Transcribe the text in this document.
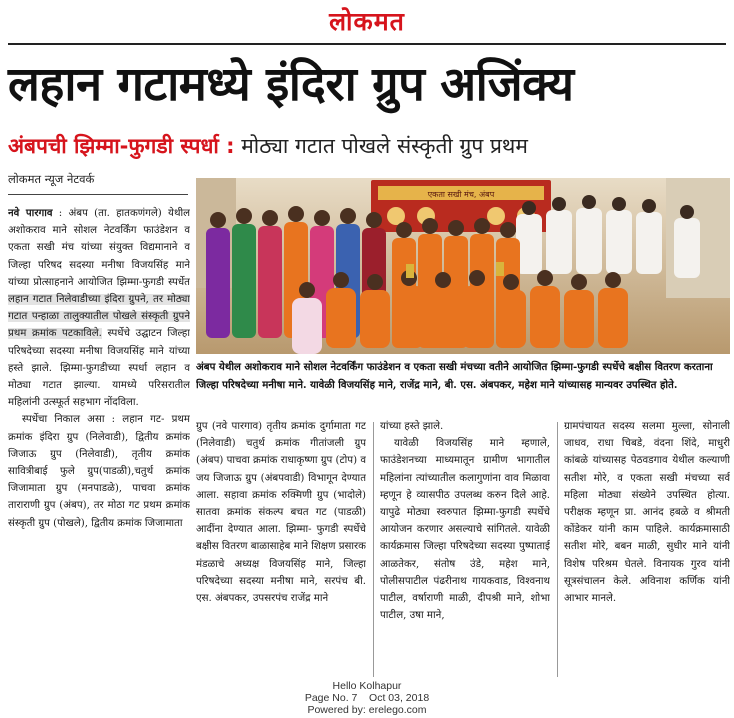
लोकमत
लहान गटामध्ये इंदिरा ग्रुप अजिंक्य
अंबपची झिम्मा-फुगडी स्पर्धा : मोठ्या गटात पोखले संस्कृती ग्रुप प्रथम
लोकमत न्यूज नेटवर्क

नवे पारगाव : अंबप (ता. हातकणंगले) येथील अशोकराव माने सोशल नेटवर्किंग फाउंडेशन व एकता सखी मंच यांच्या संयुक्त विद्यमानाने व जिल्हा परिषद सदस्या मनीषा विजयसिंह माने यांच्या प्रोत्साहनाने आयोजित झिम्मा-फुगडी स्पर्धेत लहान गटात निलेवाडीच्या इंदिरा ग्रुपने, तर मोठ्या गटात पन्हाळा तालुक्यातील पोखले संस्कृती ग्रुपने प्रथम क्रमांक पटकाविले. स्पर्धेचे उद्घाटन जिल्हा परिषदेच्या सदस्या मनीषा विजयसिंह माने यांच्या हस्ते झाले. झिम्मा-फुगडीच्या स्पर्धा लहान व मोठ्या गटात झाल्या. यामध्ये परिसरातील महिलांनी उत्स्फूर्त सहभाग नोंदविला.

स्पर्धेचा निकाल असा : लहान गट- प्रथम क्रमांक इंदिरा ग्रुप (निलेवाडी), द्वितीय क्रमांक जिजाऊ ग्रुप (निलेवाडी), तृतीय क्रमांक सावित्रीबाई फुले ग्रुप(पाडळी),चतुर्थ क्रमांक जिजामाता ग्रुप (मनपाडळे), पाचवा क्रमांक ताराराणी ग्रुप (अंबप), तर मोठा गट प्रथम क्रमांक संस्कृती ग्रुप (पोखले), द्वितीय क्रमांक जिजामाता

एकता सखी मंच, अंबप
अंबप येथील अशोकराव माने सोशल नेटवर्किंग फाउंडेशन व एकता सखी मंचच्या वतीने आयोजित झिम्मा-फुगडी स्पर्धेचे बक्षीस वितरण करताना जिल्हा परिषदेच्या मनीषा माने. यावेळी विजयसिंह माने, राजेंद्र माने, बी. एस. अंबपकर, महेश माने यांच्यासह मान्यवर उपस्थित होते.

ग्रुप (नवे पारगाव) तृतीय क्रमांक दुर्गामाता गट (निलेवाडी) चतुर्थ क्रमांक गीतांजली ग्रुप (अंबप) पाचवा क्रमांक राधाकृष्णा ग्रुप (टोप) व जय जिजाऊ ग्रुप (अंबपवाडी) विभागून देण्यात आला. सहावा क्रमांक रुक्मिणी ग्रुप (भादोले) सातवा क्रमांक संकल्प बचत गट (पाडळी) आदींना देण्यात आला. झिम्मा- फुगडी स्पर्धेचे बक्षीस वितरण बाळासाहेब माने शिक्षण प्रसारक मंडळाचे अध्यक्ष विजयसिंह माने, जिल्हा परिषदेच्या सदस्या मनीषा माने, सरपंच बी. एस. अंबपकर, उपसरपंच राजेंद्र माने

यांच्या हस्ते झाले.

यावेळी विजयसिंह माने म्हणाले, फाउंडेशनच्या माध्यमातून ग्रामीण भागातील महिलांना त्यांच्यातील कलागुणांना वाव मिळावा म्हणून हे व्यासपीठ उपलब्ध करुन दिले आहे. यापुढे मोठ्या स्वरुपात झिम्मा-फुगडी स्पर्धेचे आयोजन करणार असल्याचे सांगितले. यावेळी कार्यक्रमास जिल्हा परिषदेच्या सदस्या पुष्पाताई आळतेकर, संतोष उंडे, महेश माने, पोलीसपाटील पंढरीनाथ गायकवाड, विश्वनाथ पाटील, वर्षाराणी माळी, दीपश्री माने, शोभा पाटील, उषा माने,

ग्रामपंचायत सदस्य सलमा मुल्ला, सोनाली जाधव, राधा चिबडे, वंदना शिंदे, माधुरी कांबळे यांच्यासह पेठवडगाव येथील कल्याणी सतीश मोरे, व एकता सखी मंचच्या सर्व महिला मोठ्या संख्येने उपस्थित होत्या. परीक्षक म्हणून प्रा. आनंद हबळे व श्रीमती कोंडेकर यांनी काम पाहिले. कार्यक्रमासाठी सतीश मोरे, बबन माळी, सुधीर माने यांनी विशेष परिश्रम घेतले. विनायक गुरव यांनी सूत्रसंचालन केले. अविनाश कर्णिक यांनी आभार मानले.

Hello Kolhapur
Page No. 7 Oct 03, 2018
Powered by: erelego.com
